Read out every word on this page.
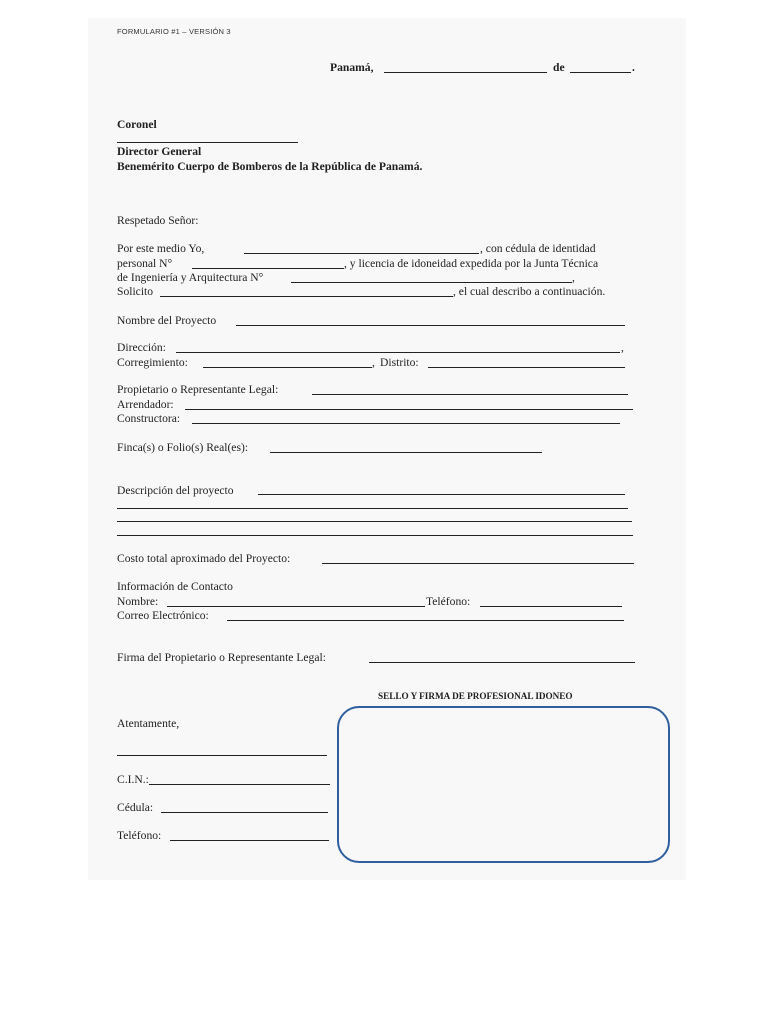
FORMULARIO #1 – VERSIÓN 3
Panamá,	de	.
Coronel
Director General
Benemérito Cuerpo de Bomberos de la República de Panamá.
Respetado Señor:
Por este medio Yo,	, con cédula de identidad
personal N°	, y licencia de idoneidad expedida por la Junta Técnica
de Ingeniería y Arquitectura N°	,
Solicito	, el cual describo a continuación.
Nombre del Proyecto
Dirección:	,
Corregimiento:	, Distrito:
Propietario o Representante Legal:
Arrendador:
Constructora:
Finca(s) o Folio(s) Real(es):
Descripción del proyecto
Costo total aproximado del Proyecto:
Información de Contacto
Nombre:	Teléfono:
Correo Electrónico:
Firma del Propietario o Representante Legal:
SELLO Y FIRMA DE PROFESIONAL IDONEO
Atentamente,
C.I.N.:
Cédula:
Teléfono:
